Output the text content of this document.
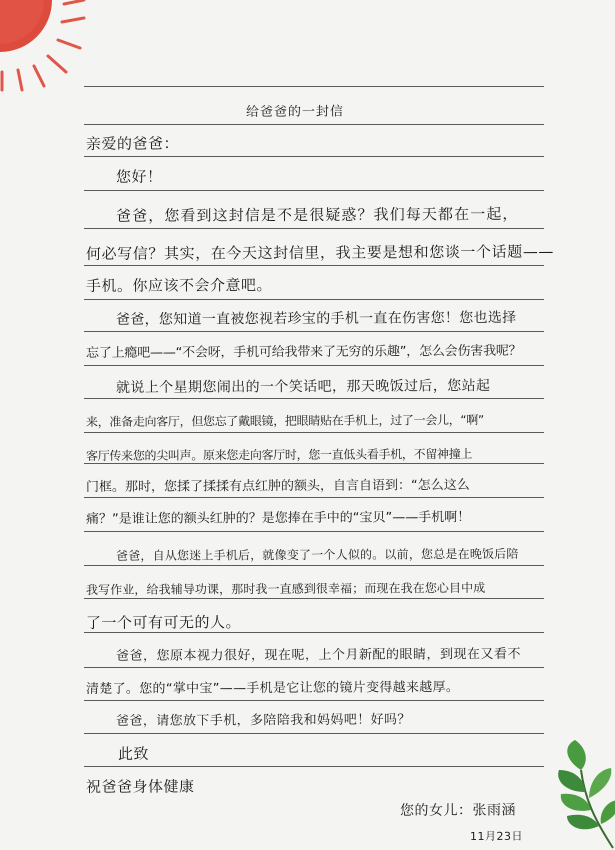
给爸爸的一封信
亲爱的爸爸：
您好！
爸爸，您看到这封信是不是很疑惑？我们每天都在一起，
何必写信？其实，在今天这封信里，我主要是想和您谈一个话题——
手机。你应该不会介意吧。
爸爸，您知道一直被您视若珍宝的手机一直在伤害您！您也选择
忘了上瘾吧——“不会呀，手机可给我带来了无穷的乐趣”，怎么会伤害我呢？
就说上个星期您闹出的一个笑话吧，那天晚饭过后，您站起
来，准备走向客厅，但您忘了戴眼镜，把眼睛贴在手机上，过了一会儿，“啊”
客厅传来您的尖叫声。原来您走向客厅时，您一直低头看手机，不留神撞上
门框。那时，您揉了揉揉有点红肿的额头，自言自语到：“怎么这么
痛？”是谁让您的额头红肿的？是您捧在手中的“宝贝”——手机啊！
爸爸，自从您迷上手机后，就像变了一个人似的。以前，您总是在晚饭后陪
我写作业，给我辅导功课，那时我一直感到很幸福；而现在我在您心目中成
了一个可有可无的人。
爸爸，您原本视力很好，现在呢，上个月新配的眼睛，到现在又看不
清楚了。您的“掌中宝”——手机是它让您的镜片变得越来越厚。
爸爸，请您放下手机，多陪陪我和妈妈吧！好吗？
此致
祝爸爸身体健康
您的女儿：张雨涵
11月23日
